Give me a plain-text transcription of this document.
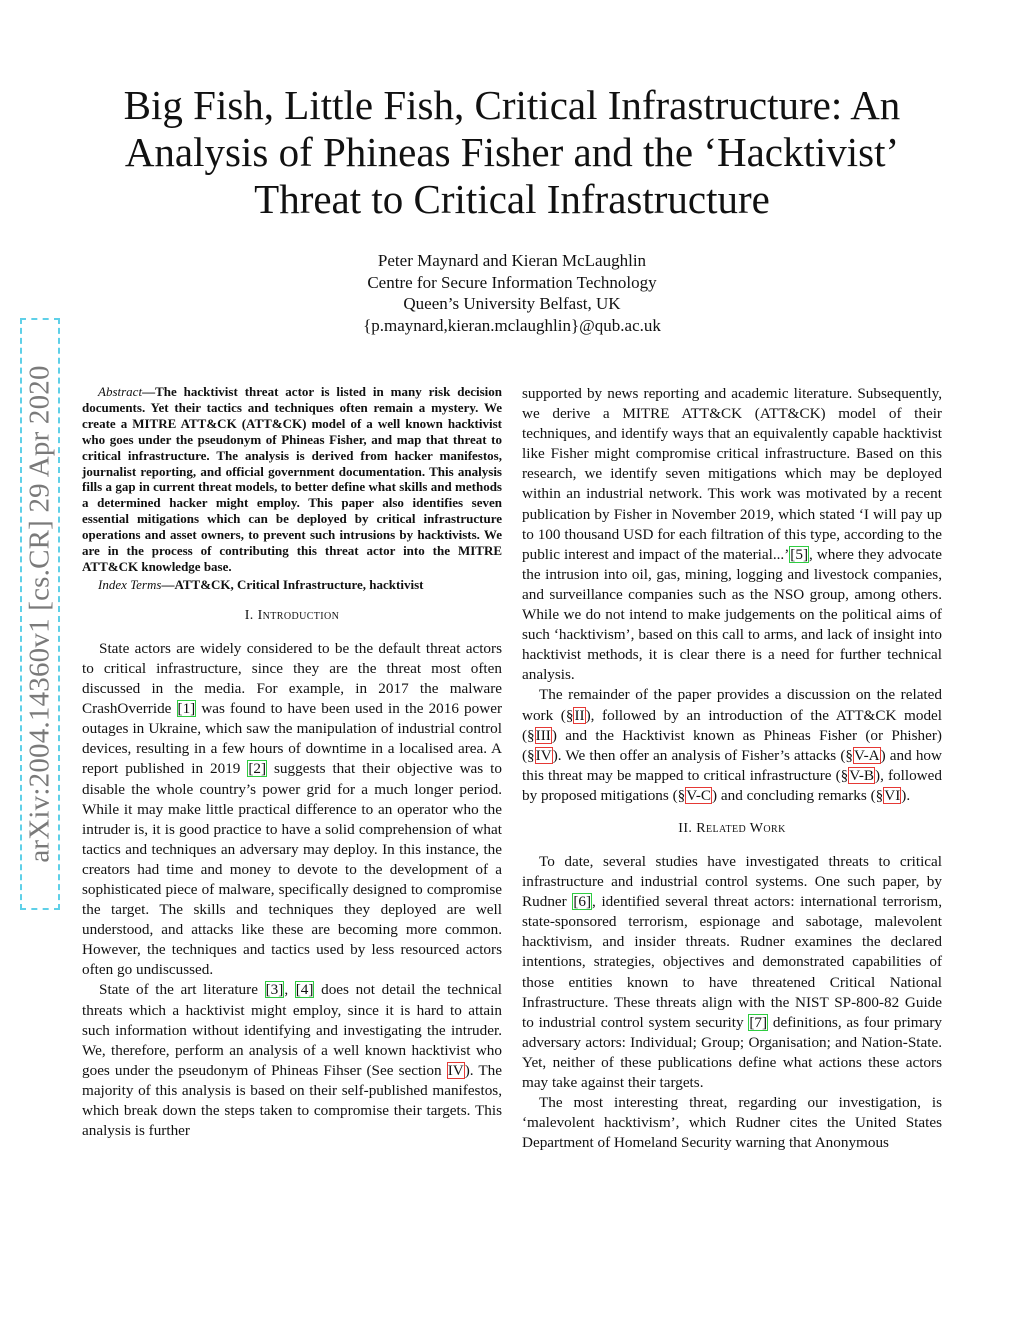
arXiv:2004.14360v1 [cs.CR] 29 Apr 2020
Big Fish, Little Fish, Critical Infrastructure: An
Analysis of Phineas Fisher and the ‘Hacktivist’
Threat to Critical Infrastructure
Peter Maynard and Kieran McLaughlin
Centre for Secure Information Technology
Queen’s University Belfast, UK
{p.maynard,kieran.mclaughlin}@qub.ac.uk

Abstract—The hacktivist threat actor is listed in many risk decision documents. Yet their tactics and techniques often remain a mystery. We create a MITRE ATT&CK (ATT&CK) model of a well known hacktivist who goes under the pseudonym of Phineas Fisher, and map that threat to critical infrastructure. The analysis is derived from hacker manifestos, journalist reporting, and official government documentation. This analysis fills a gap in current threat models, to better define what skills and methods a determined hacker might employ. This paper also identifies seven essential mitigations which can be deployed by critical infrastructure operations and asset owners, to prevent such intrusions by hacktivists. We are in the process of contributing this threat actor into the MITRE ATT&CK knowledge base.

Index Terms—ATT&CK, Critical Infrastructure, hacktivist

I. Introduction

State actors are widely considered to be the default threat actors to critical infrastructure, since they are the threat most often discussed in the media. For example, in 2017 the malware CrashOverride [1] was found to have been used in the 2016 power outages in Ukraine, which saw the manipulation of industrial control devices, resulting in a few hours of downtime in a localised area. A report published in 2019 [2] suggests that their objective was to disable the whole country’s power grid for a much longer period. While it may make little practical difference to an operator who the intruder is, it is good practice to have a solid comprehension of what tactics and techniques an adversary may deploy. In this instance, the creators had time and money to devote to the development of a sophisticated piece of malware, specifically designed to compromise the target. The skills and techniques they deployed are well understood, and attacks like these are becoming more common. However, the techniques and tactics used by less resourced actors often go undiscussed.

State of the art literature [3], [4] does not detail the technical threats which a hacktivist might employ, since it is hard to attain such information without identifying and investigating the intruder. We, therefore, perform an analysis of a well known hacktivist who goes under the pseudonym of Phineas Fihser (See section IV). The majority of this analysis is based on their self-published manifestos, which break down the steps taken to compromise their targets. This analysis is further

supported by news reporting and academic literature. Subsequently, we derive a MITRE ATT&CK (ATT&CK) model of their techniques, and identify ways that an equivalently capable hacktivist like Fisher might compromise critical infrastructure. Based on this research, we identify seven mitigations which may be deployed within an industrial network. This work was motivated by a recent publication by Fisher in November 2019, which stated ‘I will pay up to 100 thousand USD for each filtration of this type, according to the public interest and impact of the material...’[5], where they advocate the intrusion into oil, gas, mining, logging and livestock companies, and surveillance companies such as the NSO group, among others. While we do not intend to make judgements on the political aims of such ‘hacktivism’, based on this call to arms, and lack of insight into hacktivist methods, it is clear there is a need for further technical analysis.

The remainder of the paper provides a discussion on the related work (§II), followed by an introduction of the ATT&CK model (§III) and the Hacktivist known as Phineas Fisher (or Phisher) (§IV). We then offer an analysis of Fisher’s attacks (§V-A) and how this threat may be mapped to critical infrastructure (§V-B), followed by proposed mitigations (§V-C) and concluding remarks (§VI).

II. Related Work

To date, several studies have investigated threats to critical infrastructure and industrial control systems. One such paper, by Rudner [6], identified several threat actors: international terrorism, state-sponsored terrorism, espionage and sabotage, malevolent hacktivism, and insider threats. Rudner examines the declared intentions, strategies, objectives and demonstrated capabilities of those entities known to have threatened Critical National Infrastructure. These threats align with the NIST SP-800-82 Guide to industrial control system security [7] definitions, as four primary adversary actors: Individual; Group; Organisation; and Nation-State. Yet, neither of these publications define what actions these actors may take against their targets.

The most interesting threat, regarding our investigation, is ‘malevolent hacktivism’, which Rudner cites the United States Department of Homeland Security warning that Anonymous
